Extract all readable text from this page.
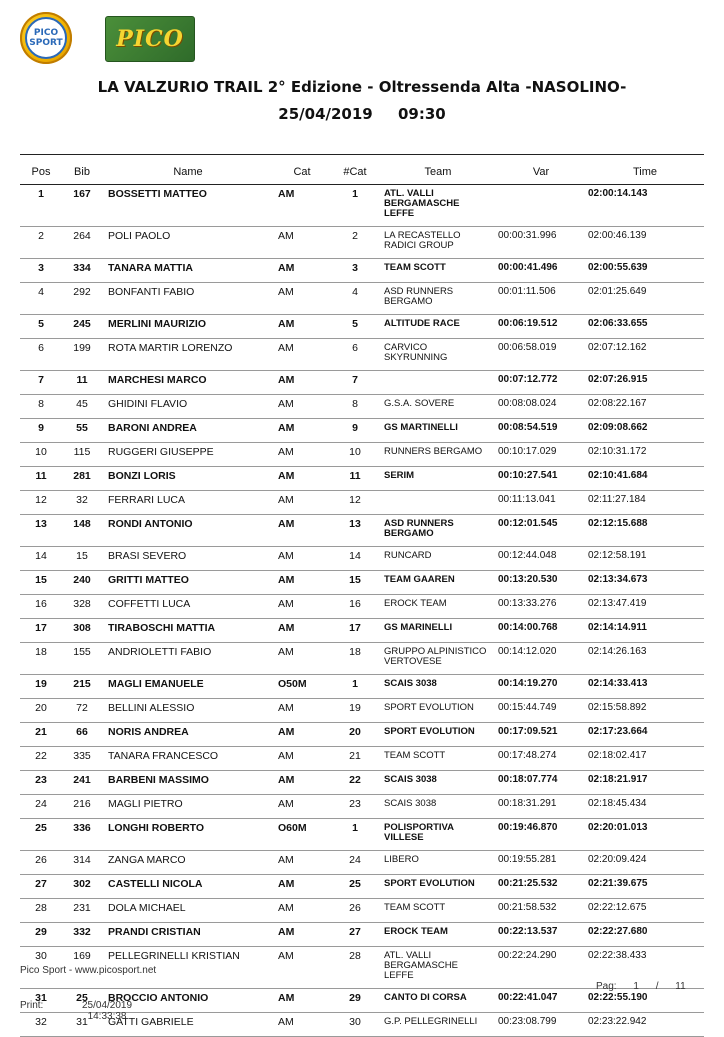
PICO
SPORT PICO
LA VALZURIO TRAIL 2° Edizione - Oltressenda Alta -NASOLINO-
25/04/2019 09:30
Pos	Bib	Name	Cat	#Cat	Team	Var	Time
1	167	BOSSETTI MATTEO	AM	1	ATL. VALLI
BERGAMASCHE
LEFFE		02:00:14.143
2	264	POLI PAOLO	AM	2	LA RECASTELLO
RADICI GROUP	00:00:31.996	02:00:46.139
3	334	TANARA MATTIA	AM	3	TEAM SCOTT	00:00:41.496	02:00:55.639
4	292	BONFANTI FABIO	AM	4	ASD RUNNERS
BERGAMO	00:01:11.506	02:01:25.649
5	245	MERLINI MAURIZIO	AM	5	ALTITUDE RACE	00:06:19.512	02:06:33.655
6	199	ROTA MARTIR LORENZO	AM	6	CARVICO
SKYRUNNING	00:06:58.019	02:07:12.162
7	11	MARCHESI MARCO	AM	7		00:07:12.772	02:07:26.915
8	45	GHIDINI FLAVIO	AM	8	G.S.A. SOVERE	00:08:08.024	02:08:22.167
9	55	BARONI ANDREA	AM	9	GS MARTINELLI	00:08:54.519	02:09:08.662
10	115	RUGGERI GIUSEPPE	AM	10	RUNNERS BERGAMO	00:10:17.029	02:10:31.172
11	281	BONZI LORIS	AM	11	SERIM	00:10:27.541	02:10:41.684
12	32	FERRARI LUCA	AM	12		00:11:13.041	02:11:27.184
13	148	RONDI ANTONIO	AM	13	ASD RUNNERS
BERGAMO	00:12:01.545	02:12:15.688
14	15	BRASI SEVERO	AM	14	RUNCARD	00:12:44.048	02:12:58.191
15	240	GRITTI MATTEO	AM	15	TEAM GAAREN	00:13:20.530	02:13:34.673
16	328	COFFETTI LUCA	AM	16	EROCK TEAM	00:13:33.276	02:13:47.419
17	308	TIRABOSCHI MATTIA	AM	17	GS MARINELLI	00:14:00.768	02:14:14.911
18	155	ANDRIOLETTI FABIO	AM	18	GRUPPO ALPINISTICO
VERTOVESE	00:14:12.020	02:14:26.163
19	215	MAGLI EMANUELE	O50M	1	SCAIS 3038	00:14:19.270	02:14:33.413
20	72	BELLINI ALESSIO	AM	19	SPORT EVOLUTION	00:15:44.749	02:15:58.892
21	66	NORIS ANDREA	AM	20	SPORT EVOLUTION	00:17:09.521	02:17:23.664
22	335	TANARA FRANCESCO	AM	21	TEAM SCOTT	00:17:48.274	02:18:02.417
23	241	BARBENI MASSIMO	AM	22	SCAIS 3038	00:18:07.774	02:18:21.917
24	216	MAGLI PIETRO	AM	23	SCAIS 3038	00:18:31.291	02:18:45.434
25	336	LONGHI ROBERTO	O60M	1	POLISPORTIVA
VILLESE	00:19:46.870	02:20:01.013
26	314	ZANGA MARCO	AM	24	LIBERO	00:19:55.281	02:20:09.424
27	302	CASTELLI NICOLA	AM	25	SPORT EVOLUTION	00:21:25.532	02:21:39.675
28	231	DOLA MICHAEL	AM	26	TEAM SCOTT	00:21:58.532	02:22:12.675
29	332	PRANDI CRISTIAN	AM	27	EROCK TEAM	00:22:13.537	02:22:27.680
30	169	PELLEGRINELLI KRISTIAN	AM	28	ATL. VALLI
BERGAMASCHE
LEFFE	00:22:24.290	02:22:38.433
31	25	BROCCIO ANTONIO	AM	29	CANTO DI CORSA	00:22:41.047	02:22:55.190
32	31	GATTI GABRIELE	AM	30	G.P. PELLEGRINELLI	00:23:08.799	02:23:22.942
Pico Sport - www.picosport.net
Pag: 1 / 11
Print:	25/04/2019
14:33:38
